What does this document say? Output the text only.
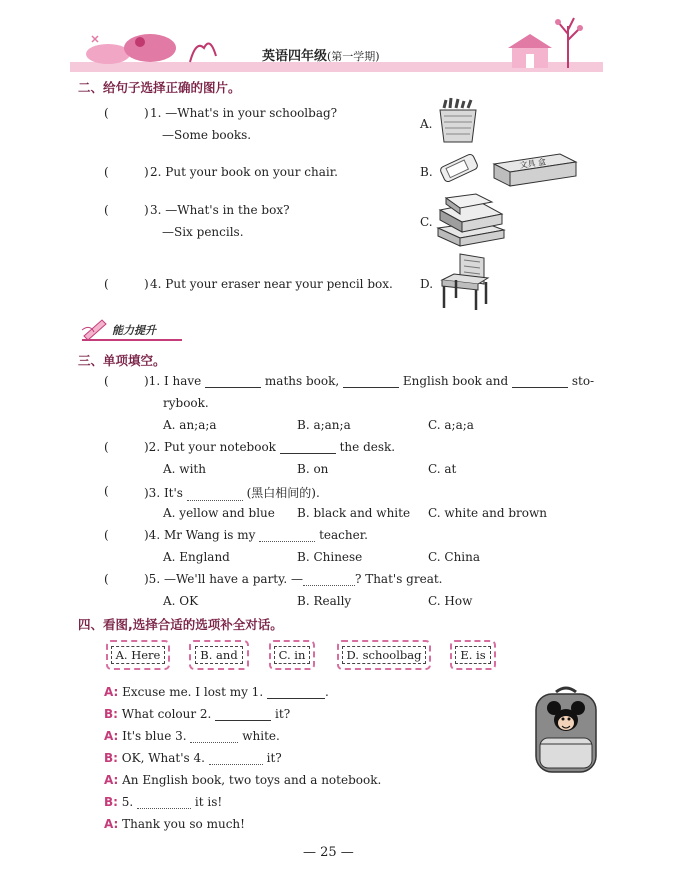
英语四年级(第一学期)
二、给句子选择正确的图片。
(	) 1. —What's in your schoolbag?
—Some books.
(	) 2. Put your book on your chair.
(	) 3. —What's in the box?
—Six pencils.
(	) 4. Put your eraser near your pencil box.
A.
B.
文具 盒
C.
D.
能力提升
三、单项填空。
(	)1. I have	maths book,	English book and	sto-
rybook.
A. an;a;a	B. a;an;a	C. a;a;a
(	)2. Put your notebook	the desk.
A. with	B. on	C. at
(	)3. It's	(黑白相间的).
A. yellow and blue B. black and white C. white and brown
(	)4. Mr Wang is my	teacher.
A. England	B. Chinese	C. China
(	)5. —We'll have a party. —	? That's great.
A. OK	B. Really	C. How
四、看图,选择合适的选项补全对话。
A. Here	B. and	C. in	D. schoolbag	E. is
A: Excuse me. I lost my 1.	.
B: What colour 2.	it?
A: It's blue 3.	white.
B: OK, What's 4.	it?
A: An English book, two toys and a notebook.
B: 5.	it is!
A: Thank you so much!
— 25 —
